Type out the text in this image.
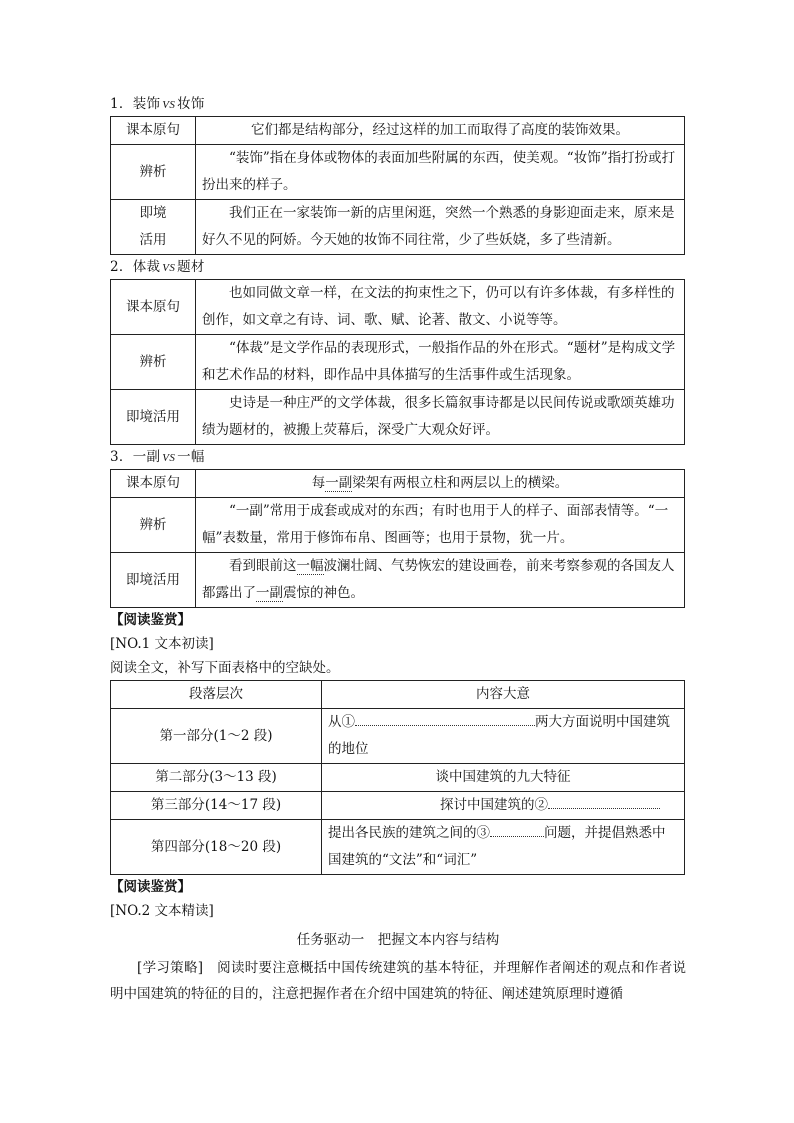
1．装饰 VS 妆饰
课本原句	它们都是结构部分，经过这样的加工而取得了高度的装饰效果。
辨析	“装饰”指在身体或物体的表面加些附属的东西，使美观。“妆饰”指打扮或打扮出来的样子。
即境
活用	我们正在一家装饰一新的店里闲逛，突然一个熟悉的身影迎面走来，原来是好久不见的阿娇。今天她的妆饰不同往常，少了些妖娆，多了些清新。
2．体裁 VS 题材
课本原句	也如同做文章一样，在文法的拘束性之下，仍可以有许多体裁，有多样性的创作，如文章之有诗、词、歌、赋、论著、散文、小说等等。
辨析	“体裁”是文学作品的表现形式，一般指作品的外在形式。“题材”是构成文学和艺术作品的材料，即作品中具体描写的生活事件或生活现象。
即境活用	史诗是一种庄严的文学体裁，很多长篇叙事诗都是以民间传说或歌颂英雄功绩为题材的，被搬上荧幕后，深受广大观众好评。
3．一副 VS 一幅
课本原句	每一副梁架有两根立柱和两层以上的横梁。
辨析	“一副”常用于成套或成对的东西；有时也用于人的样子、面部表情等。“一幅”表数量，常用于修饰布帛、图画等；也用于景物，犹一片。
即境活用	看到眼前这一幅波澜壮阔、气势恢宏的建设画卷，前来考察参观的各国友人都露出了一副震惊的神色。
【阅读鉴赏】
[NO.1 文本初读]
阅读全文，补写下面表格中的空缺处。
段落层次	内容大意
第一部分(1～2 段)	从① 两大方面说明中国建筑的地位
第二部分(3～13 段)	谈中国建筑的九大特征
第三部分(14～17 段)	探讨中国建筑的②
第四部分(18～20 段)	提出各民族的建筑之间的③ 问题，并提倡熟悉中国建筑的“文法”和“词汇”
【阅读鉴赏】
[NO.2 文本精读]
任务驱动一　把握文本内容与结构
[学习策略]　 阅读时要注意概括中国传统建筑的基本特征，并理解作者阐述的观点和作者说明中国建筑的特征的目的，注意把握作者在介绍中国建筑的特征、阐述建筑原理时遵循
